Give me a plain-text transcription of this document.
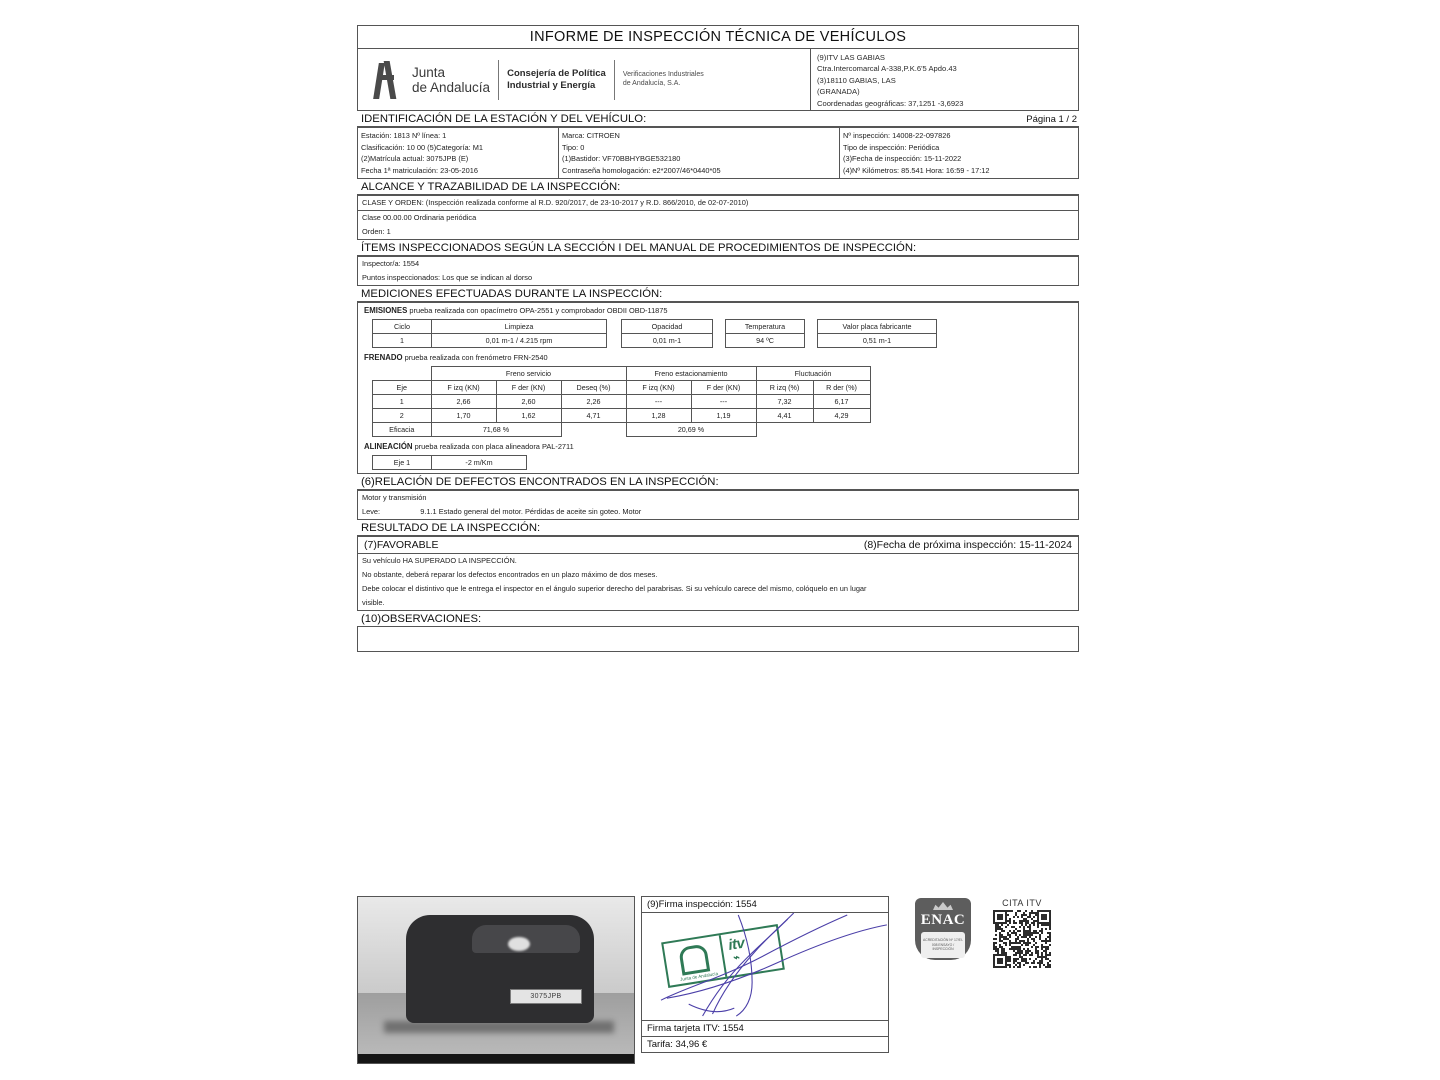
INFORME DE INSPECCIÓN TÉCNICA DE VEHÍCULOS
Junta
de Andalucía
Consejería de Política
Industrial y Energía
Verificaciones Industriales
de Andalucía, S.A.
(9)ITV LAS GABIAS
Ctra.Intercomarcal A-338,P.K.6'5 Apdo.43
(3)18110 GABIAS, LAS
(GRANADA)
Coordenadas geográficas: 37,1251 -3,6923
IDENTIFICACIÓN DE LA ESTACIÓN Y DEL VEHÍCULO:	Página 1 / 2
Estación: 1813 Nº línea: 1
Clasificación: 10 00 (5)Categoría: M1
(2)Matrícula actual: 3075JPB (E)
Fecha 1ª matriculación: 23-05-2016
Marca: CITROEN
Tipo: 0
(1)Bastidor: VF70BBHYBGE532180
Contraseña homologación: e2*2007/46*0440*05
Nº inspección: 14008-22-097826
Tipo de inspección: Periódica
(3)Fecha de inspección: 15-11-2022
(4)Nº Kilómetros: 85.541 Hora: 16:59 - 17:12
ALCANCE Y TRAZABILIDAD DE LA INSPECCIÓN:
CLASE Y ORDEN: (Inspección realizada conforme al R.D. 920/2017, de 23-10-2017 y R.D. 866/2010, de 02-07-2010)
Clase 00.00.00 Ordinaria periódica
Orden: 1
ÍTEMS INSPECCIONADOS SEGÚN LA SECCIÓN I DEL MANUAL DE PROCEDIMIENTOS DE INSPECCIÓN:
Inspector/a: 1554
Puntos inspeccionados: Los que se indican al dorso
MEDICIONES EFECTUADAS DURANTE LA INSPECCIÓN:
EMISIONES prueba realizada con opacímetro OPA-2551 y comprobador OBDII OBD-11875
Ciclo	Limpieza		Opacidad		Temperatura		Valor placa fabricante
1	0,01 m-1 / 4.215 rpm		0,01 m-1		94 ºC		0,51 m-1
FRENADO prueba realizada con frenómetro FRN-2540
	Freno servicio			Freno estacionamiento		Fluctuación	
Eje	F izq (KN)	F der (KN)	Deseq (%)	F izq (KN)	F der (KN)	R izq (%)	R der (%)
1	2,66	2,60	2,26	---	---	7,32	6,17
2	1,70	1,62	4,71	1,28	1,19	4,41	4,29
Eficacia	71,68 %			20,69 %			
ALINEACIÓN prueba realizada con placa alineadora PAL-2711
Eje 1	-2 m/Km
(6)RELACIÓN DE DEFECTOS ENCONTRADOS EN LA INSPECCIÓN:
Motor y transmisión
Leve:	9.1.1 Estado general del motor. Pérdidas de aceite sin goteo. Motor
RESULTADO DE LA INSPECCIÓN:
(7)FAVORABLE	(8)Fecha de próxima inspección: 15-11-2024
Su vehículo HA SUPERADO LA INSPECCIÓN.
No obstante, deberá reparar los defectos encontrados en un plazo máximo de dos meses.
Debe colocar el distintivo que le entrega el inspector en el ángulo superior derecho del parabrisas. Si su vehículo carece del mismo, colóquelo en un lugar
visible.
(10)OBSERVACIONES:
3075JPB
(9)Firma inspección: 1554
Junta de Andalucía
itv
⌁
Firma tarjeta ITV: 1554
Tarifa: 34,96 €
ENAC
ACREDITACIÓN Nº 17/EI-008 ENSAYO / INSPECCIÓN
CITA ITV
